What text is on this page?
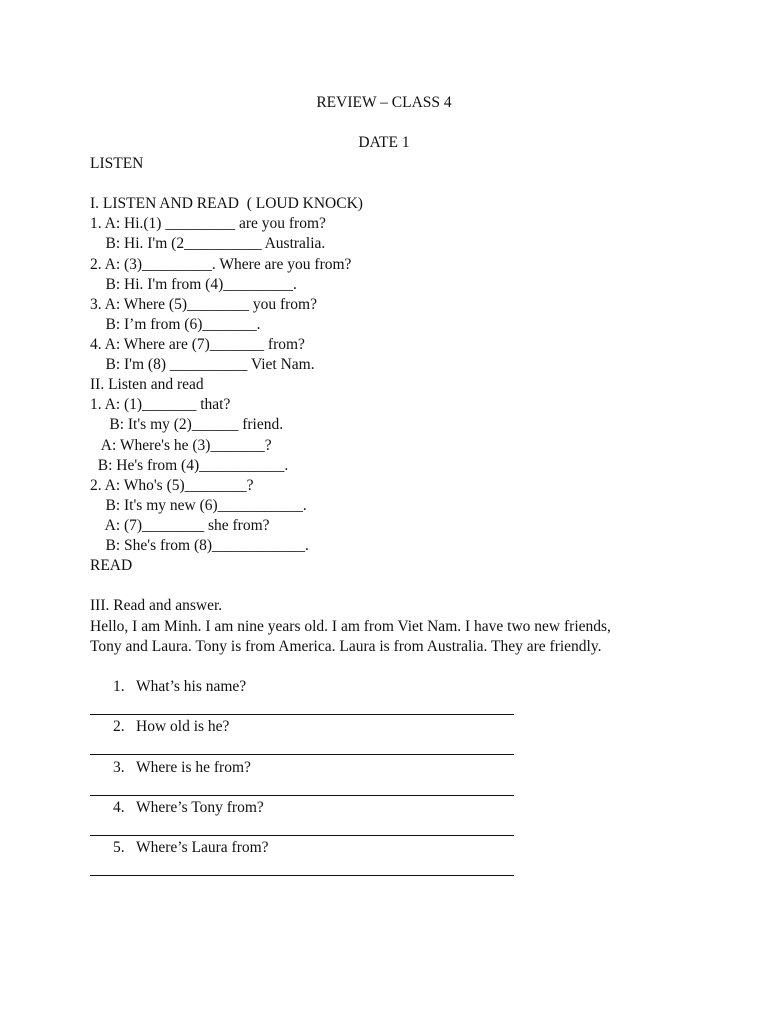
REVIEW – CLASS 4
DATE 1
LISTEN
I. LISTEN AND READ  ( LOUD KNOCK)
1. A: Hi.(1) _________ are you from?
B: Hi. I'm (2__________ Australia.
2. A: (3)_________. Where are you from?
B: Hi. I'm from (4)_________.
3. A: Where (5)________ you from?
B: I’m from (6)_______.
4. A: Where are (7)_______ from?
B: I'm (8) __________ Viet Nam.
II. Listen and read
1. A: (1)_______ that?
B: It's my (2)______ friend.
A: Where's he (3)_______?
B: He's from (4)___________.
2. A: Who's (5)________?
B: It's my new (6)___________.
A: (7)________ she from?
B: She's from (8)____________.
READ
III. Read and answer.
Hello, I am Minh. I am nine years old. I am from Viet Nam. I have two new friends,
Tony and Laura. Tony is from America. Laura is from Australia. They are friendly.
1. What’s his name?
2. How old is he?
3. Where is he from?
4. Where’s Tony from?
5. Where’s Laura from?
